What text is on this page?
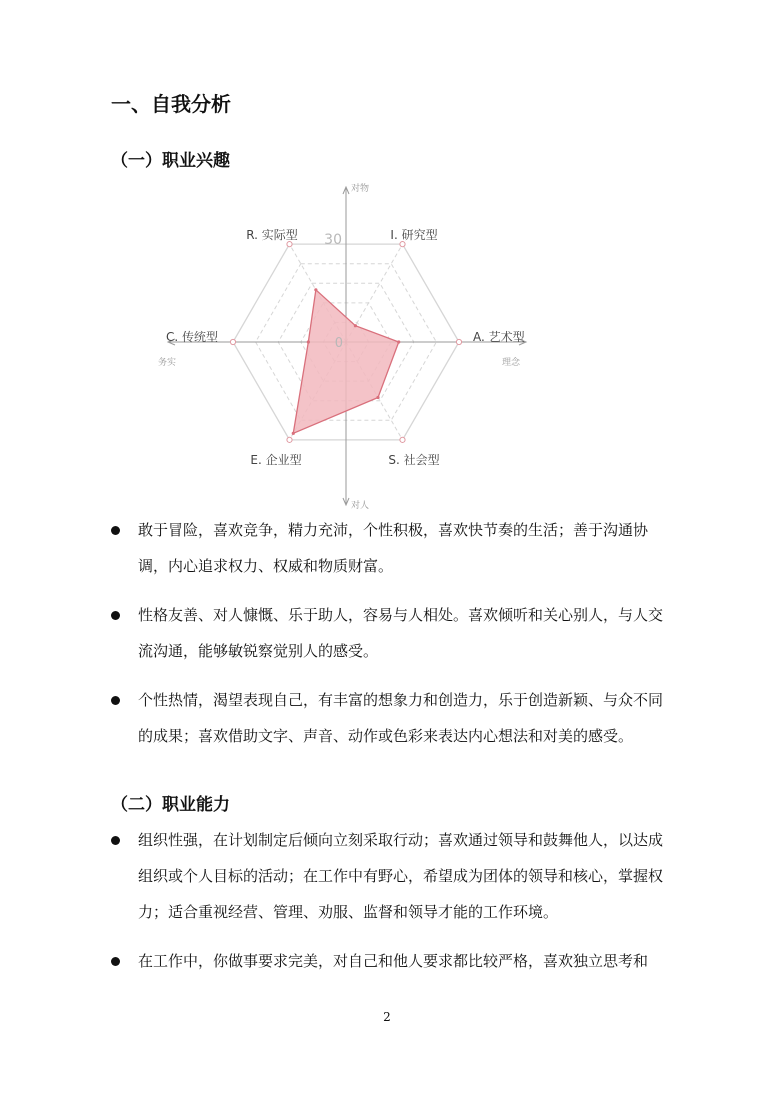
一、自我分析
（一）职业兴趣
30
0
R. 实际型	I. 研究型
A. 艺术型
S. 社会型
E. 企业型
C. 传统型
对物
对人
务实	理念
敢于冒险，喜欢竞争，精力充沛，个性积极，喜欢快节奏的生活；善于沟通协调，内心追求权力、权威和物质财富。
性格友善、对人慷慨、乐于助人，容易与人相处。喜欢倾听和关心别人，与人交流沟通，能够敏锐察觉别人的感受。
个性热情，渴望表现自己，有丰富的想象力和创造力，乐于创造新颖、与众不同的成果；喜欢借助文字、声音、动作或色彩来表达内心想法和对美的感受。
（二）职业能力
组织性强，在计划制定后倾向立刻采取行动；喜欢通过领导和鼓舞他人，以达成组织或个人目标的活动；在工作中有野心，希望成为团体的领导和核心，掌握权力；适合重视经营、管理、劝服、监督和领导才能的工作环境。
在工作中，你做事要求完美，对自己和他人要求都比较严格，喜欢独立思考和
2
